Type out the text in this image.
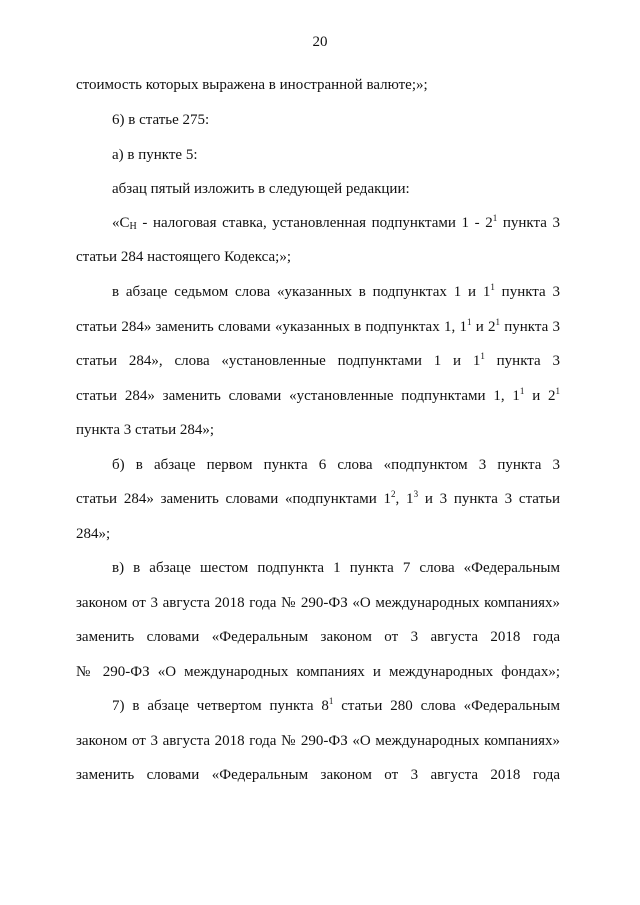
20
стоимость которых выражена в иностранной валюте;»;
6) в статье 275:
а) в пункте 5:
абзац пятый изложить в следующей редакции:
«$C_Н$ - налоговая ставка, установленная подпунктами $1 - 2^1$ пункта 3
статьи 284 настоящего Кодекса;»;
в абзаце седьмом слова «указанных в подпунктах 1 и $1^1$ пункта 3
статьи 284» заменить словами «указанных в подпунктах 1, $1^1$ и $2^1$ пункта 3
статьи 284», слова «установленные подпунктами 1 и $1^1$ пункта 3
статьи 284» заменить словами «установленные подпунктами 1, $1^1$ и $2^1$
пункта 3 статьи 284»;
б) в абзаце первом пункта 6 слова «подпунктом 3 пункта 3
статьи 284» заменить словами «подпунктами $1^2$, $1^3$ и 3 пункта 3 статьи
284»;
в) в абзаце шестом подпункта 1 пункта 7 слова «Федеральным
законом от 3 августа 2018 года № 290-ФЗ «О международных компаниях»
заменить словами «Федеральным законом от 3 августа 2018 года
№ 290-ФЗ «О международных компаниях и международных фондах»;
7) в абзаце четвертом пункта $8^1$ статьи 280 слова «Федеральным
законом от 3 августа 2018 года № 290-ФЗ «О международных компаниях»
заменить словами «Федеральным законом от 3 августа 2018 года
